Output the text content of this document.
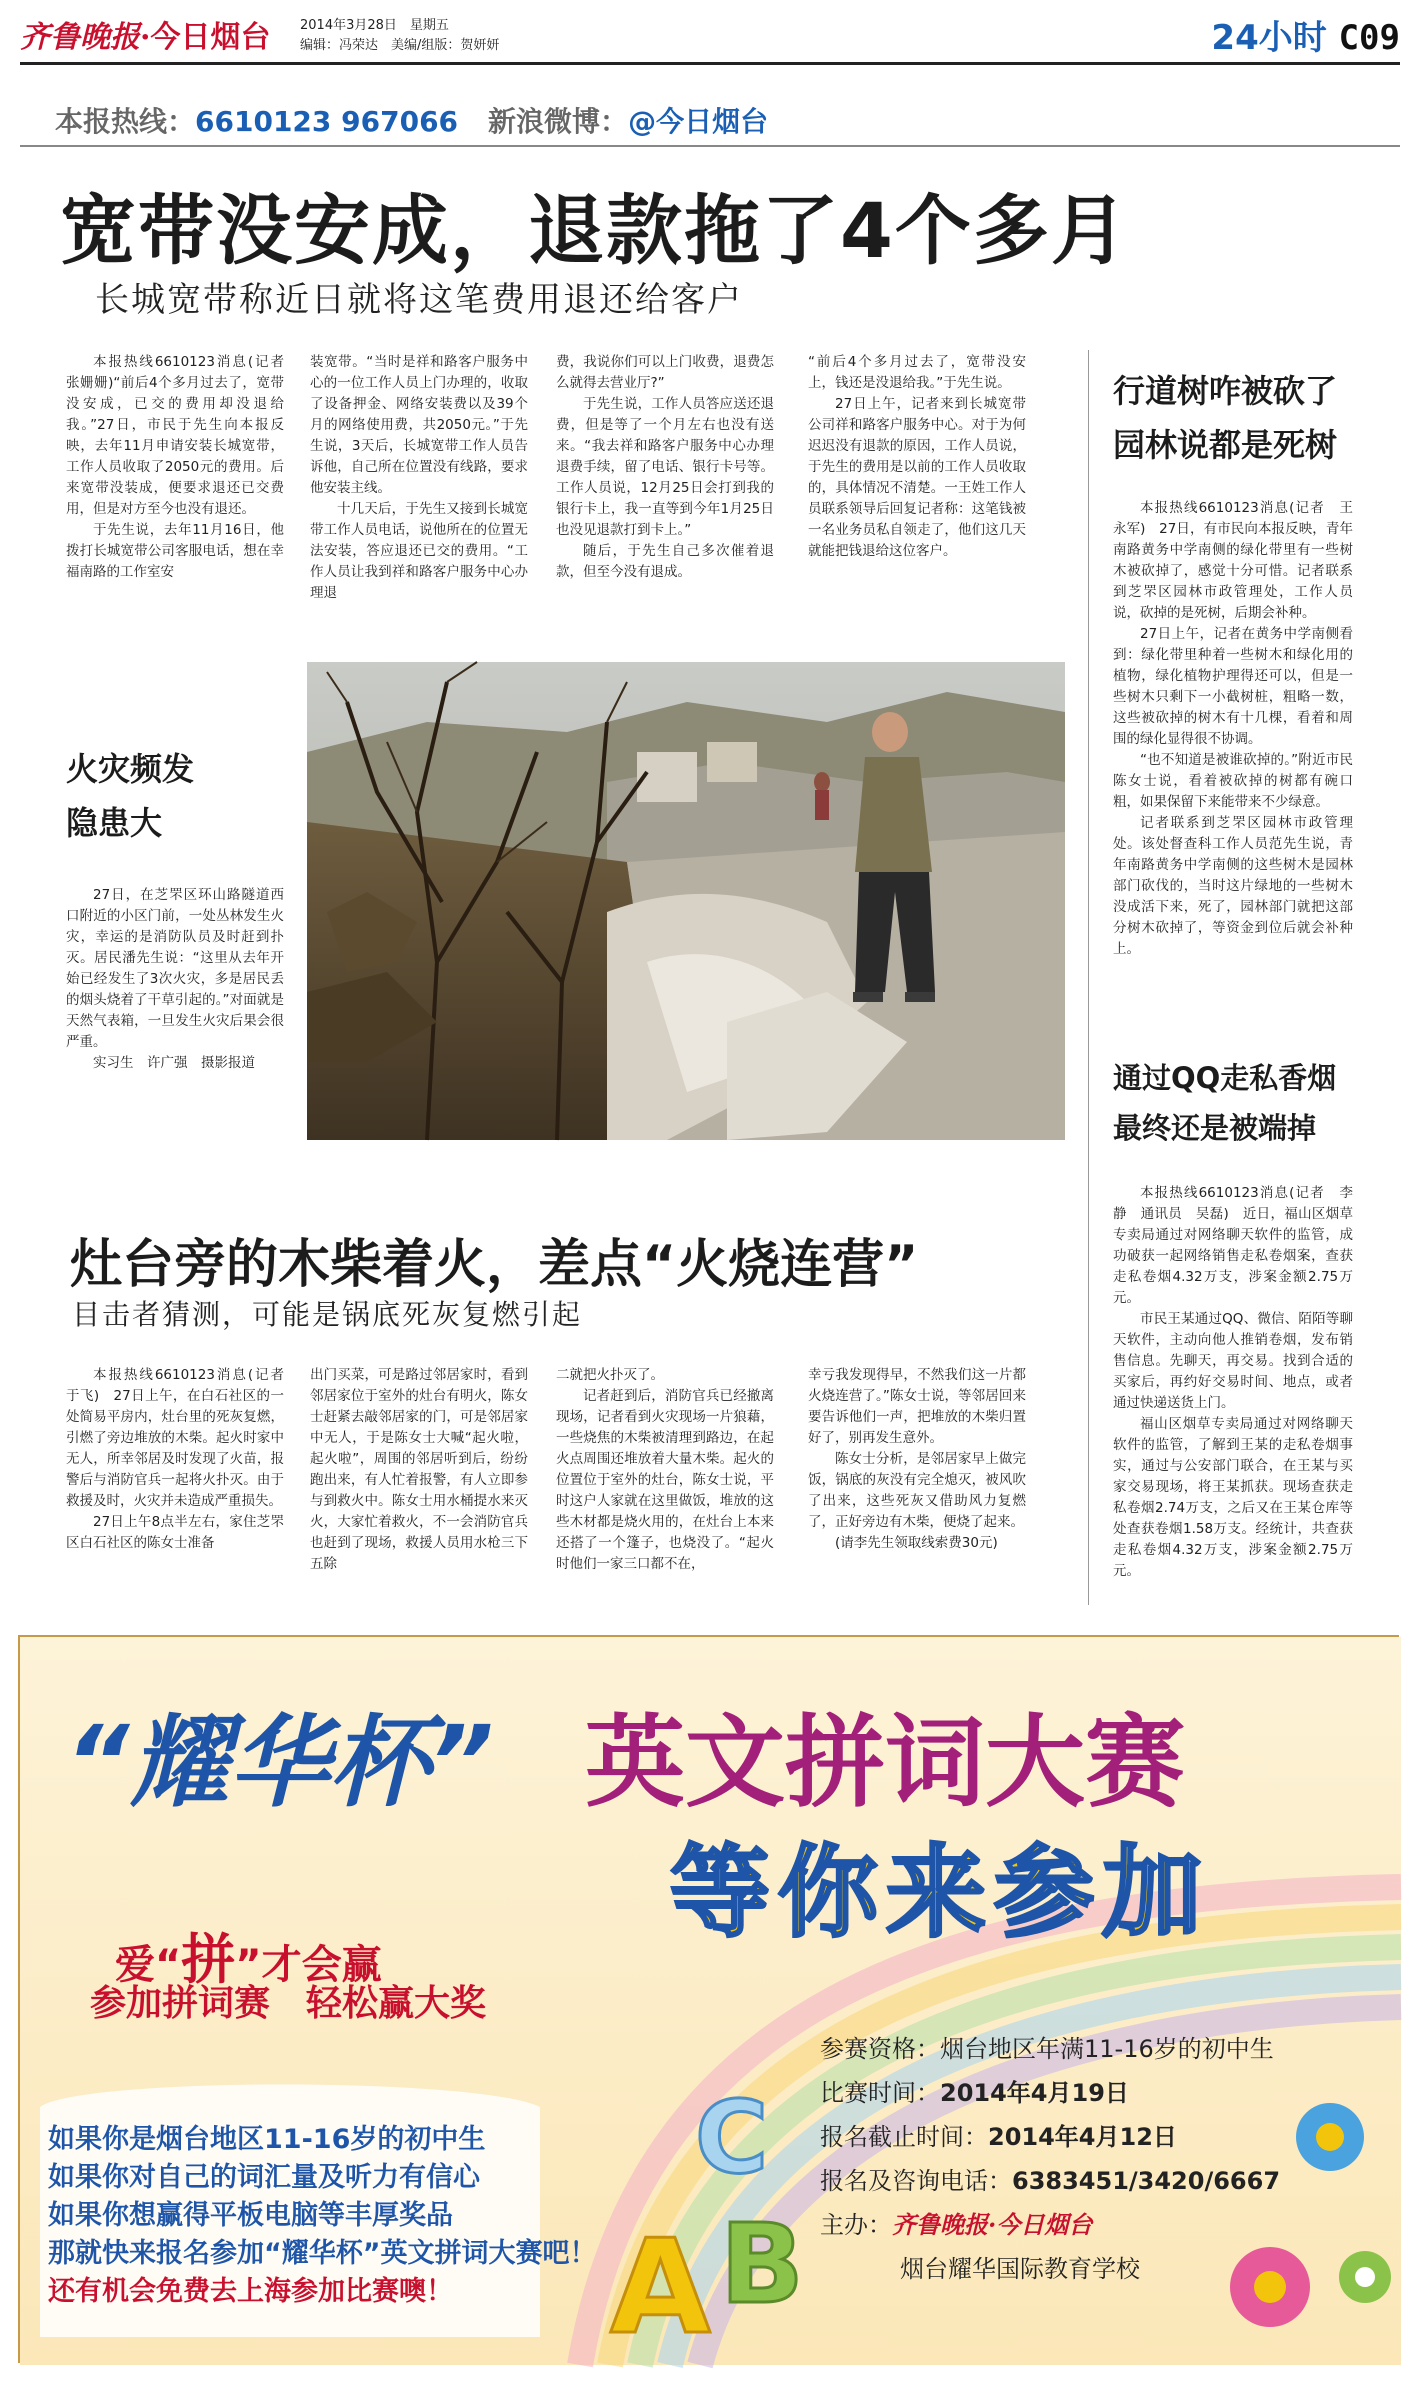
齐鲁晚报·今日烟台 2014年3月28日　星期五
编辑：冯荣达　美编/组版：贺妍妍	24小时 C09
本报热线：6610123 967066 新浪微博：@今日烟台
宽带没安成，退款拖了4个多月
长城宽带称近日就将这笔费用退还给客户

本报热线6610123消息(记者　张姗姗)“前后4个多月过去了，宽带没安成，已交的费用却没退给我。”27日，市民于先生向本报反映，去年11月申请安装长城宽带，工作人员收取了2050元的费用。后来宽带没装成，便要求退还已交费用，但是对方至今也没有退还。

于先生说，去年11月16日，他拨打长城宽带公司客服电话，想在幸福南路的工作室安

装宽带。“当时是祥和路客户服务中心的一位工作人员上门办理的，收取了设备押金、网络安装费以及39个月的网络使用费，共2050元。”于先生说，3天后，长城宽带工作人员告诉他，自己所在位置没有线路，要求他安装主线。

十几天后，于先生又接到长城宽带工作人员电话，说他所在的位置无法安装，答应退还已交的费用。“工作人员让我到祥和路客户服务中心办理退

费，我说你们可以上门收费，退费怎么就得去营业厅?”

于先生说，工作人员答应送还退费，但是等了一个月左右也没有送来。“我去祥和路客户服务中心办理退费手续，留了电话、银行卡号等。工作人员说，12月25日会打到我的银行卡上，我一直等到今年1月25日也没见退款打到卡上。”

随后，于先生自己多次催着退款，但至今没有退成。

“前后4个多月过去了，宽带没安上，钱还是没退给我。”于先生说。

27日上午，记者来到长城宽带公司祥和路客户服务中心。对于为何迟迟没有退款的原因，工作人员说，于先生的费用是以前的工作人员收取的，具体情况不清楚。一王姓工作人员联系领导后回复记者称：这笔钱被一名业务员私自领走了，他们这几天就能把钱退给这位客户。

行道树咋被砍了
园林说都是死树

本报热线6610123消息(记者　王永军)　27日，有市民向本报反映，青年南路黄务中学南侧的绿化带里有一些树木被砍掉了，感觉十分可惜。记者联系到芝罘区园林市政管理处，工作人员说，砍掉的是死树，后期会补种。

27日上午，记者在黄务中学南侧看到：绿化带里种着一些树木和绿化用的植物，绿化植物护理得还可以，但是一些树木只剩下一小截树桩，粗略一数，这些被砍掉的树木有十几棵，看着和周围的绿化显得很不协调。

“也不知道是被谁砍掉的。”附近市民陈女士说，看着被砍掉的树都有碗口粗，如果保留下来能带来不少绿意。

记者联系到芝罘区园林市政管理处。该处督查科工作人员范先生说，青年南路黄务中学南侧的这些树木是园林部门砍伐的，当时这片绿地的一些树木没成活下来，死了，园林部门就把这部分树木砍掉了，等资金到位后就会补种上。

火灾频发
隐患大

27日，在芝罘区环山路隧道西口附近的小区门前，一处丛林发生火灾，幸运的是消防队员及时赶到扑灭。居民潘先生说：“这里从去年开始已经发生了3次火灾，多是居民丢的烟头烧着了干草引起的。”对面就是天然气表箱，一旦发生火灾后果会很严重。

实习生　许广强　摄影报道	通过QQ走私香烟
最终还是被端掉

本报热线6610123消息(记者　李静　通讯员　吴磊)　近日，福山区烟草专卖局通过对网络聊天软件的监管，成功破获一起网络销售走私卷烟案，查获走私卷烟4.32万支，涉案金额2.75万元。

市民王某通过QQ、微信、陌陌等聊天软件，主动向他人推销卷烟，发布销售信息。先聊天，再交易。找到合适的买家后，再约好交易时间、地点，或者通过快递送货上门。

福山区烟草专卖局通过对网络聊天软件的监管，了解到王某的走私卷烟事实，通过与公安部门联合，在王某与买家交易现场，将王某抓获。现场查获走私卷烟2.74万支，之后又在王某仓库等处查获卷烟1.58万支。经统计，共查获走私卷烟4.32万支，涉案金额2.75万元。

灶台旁的木柴着火，差点“火烧连营”
目击者猜测，可能是锅底死灰复燃引起

本报热线6610123消息(记者　于飞)　27日上午，在白石社区的一处简易平房内，灶台里的死灰复燃，引燃了旁边堆放的木柴。起火时家中无人，所幸邻居及时发现了火苗，报警后与消防官兵一起将火扑灭。由于救援及时，火灾并未造成严重损失。

27日上午8点半左右，家住芝罘区白石社区的陈女士准备

出门买菜，可是路过邻居家时，看到邻居家位于室外的灶台有明火，陈女士赶紧去敲邻居家的门，可是邻居家中无人，于是陈女士大喊“起火啦，起火啦”，周围的邻居听到后，纷纷跑出来，有人忙着报警，有人立即参与到救火中。陈女士用水桶提水来灭火，大家忙着救火，不一会消防官兵也赶到了现场，救援人员用水枪三下五除

二就把火扑灭了。

记者赶到后，消防官兵已经撤离现场，记者看到火灾现场一片狼藉，一些烧焦的木柴被清理到路边，在起火点周围还堆放着大量木柴。起火的位置位于室外的灶台，陈女士说，平时这户人家就在这里做饭，堆放的这些木材都是烧火用的，在灶台上本来还搭了一个篷子，也烧没了。“起火时他们一家三口都不在，

幸亏我发现得早，不然我们这一片都火烧连营了。”陈女士说，等邻居回来要告诉他们一声，把堆放的木柴归置好了，别再发生意外。

陈女士分析，是邻居家早上做完饭，锅底的灰没有完全熄灭，被风吹了出来，这些死灰又借助风力复燃了，正好旁边有木柴，便烧了起来。

(请李先生领取线索费30元)

“耀华杯” 英文拼词大赛
等你来参加
爱“拼”才会赢
参加拼词赛　轻松赢大奖
如果你是烟台地区11-16岁的初中生
如果你对自己的词汇量及听力有信心
如果你想赢得平板电脑等丰厚奖品
那就快来报名参加“耀华杯”英文拼词大赛吧！
还有机会免费去上海参加比赛噢！
C
A B
参赛资格：烟台地区年满11-16岁的初中生
比赛时间：2014年4月19日
报名截止时间：2014年4月12日
报名及咨询电话：6383451/3420/6667
主办：齐鲁晚报·今日烟台
烟台耀华国际教育学校
